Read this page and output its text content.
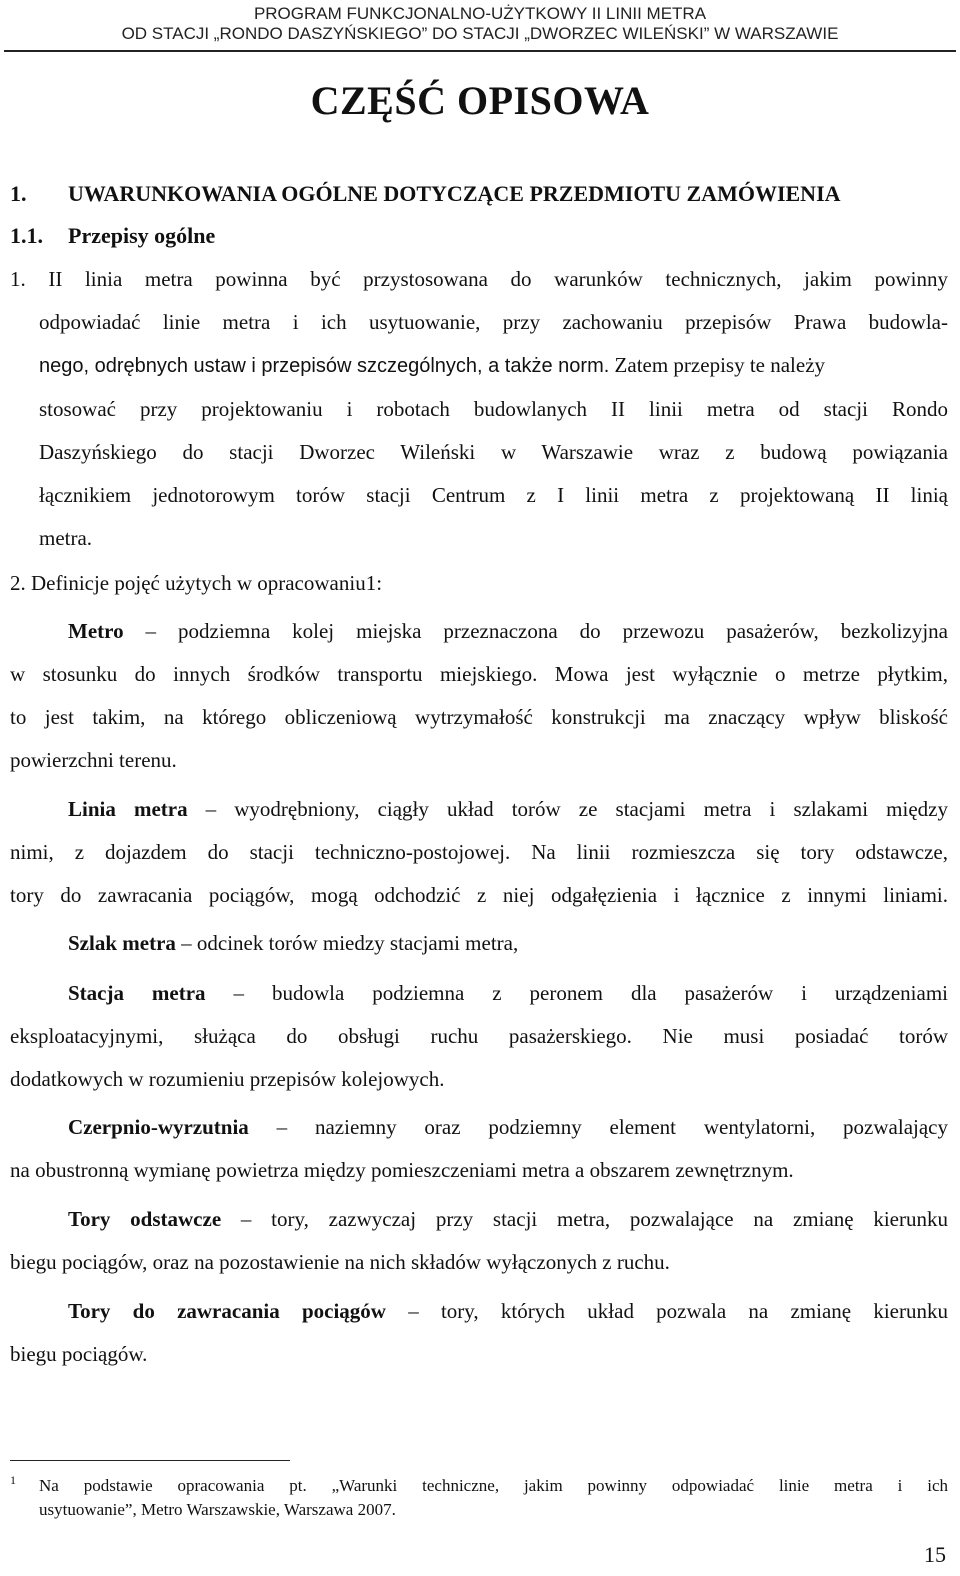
PROGRAM FUNKCJONALNO-UŻYTKOWY II LINII METRA
OD STACJI „RONDO DASZYŃSKIEGO” DO STACJI „DWORZEC WILEŃSKI” W WARSZAWIE
CZĘŚĆ OPISOWA
1. UWARUNKOWANIA OGÓLNE DOTYCZĄCE PRZEDMIOTU ZAMÓWIENIA
1.1. Przepisy ogólne
1. II linia metra powinna być przystosowana do warunków technicznych, jakim powinny
odpowiadać linie metra i ich usytuowanie, przy zachowaniu przepisów Prawa budowla-
nego, odrębnych ustaw i przepisów szczególnych, a także norm. Zatem przepisy te należy
stosować przy projektowaniu i robotach budowlanych II linii metra od stacji Rondo
Daszyńskiego do stacji Dworzec Wileński w Warszawie wraz z budową powiązania
łącznikiem jednotorowym torów stacji Centrum z I linii metra z projektowaną II linią
metra.
2. Definicje pojęć użytych w opracowaniu1:
Metro – podziemna kolej miejska przeznaczona do przewozu pasażerów, bezkolizyjna
w stosunku do innych środków transportu miejskiego. Mowa jest wyłącznie o metrze płytkim,
to jest takim, na którego obliczeniową wytrzymałość konstrukcji ma znaczący wpływ bliskość
powierzchni terenu.
Linia metra – wyodrębniony, ciągły układ torów ze stacjami metra i szlakami między
nimi, z dojazdem do stacji techniczno-postojowej. Na linii rozmieszcza się tory odstawcze,
tory do zawracania pociągów, mogą odchodzić z niej odgałęzienia i łącznice z innymi liniami.
Szlak metra – odcinek torów miedzy stacjami metra,
Stacja metra – budowla podziemna z peronem dla pasażerów i urządzeniami
eksploatacyjnymi, służąca do obsługi ruchu pasażerskiego. Nie musi posiadać torów
dodatkowych w rozumieniu przepisów kolejowych.
Czerpnio-wyrzutnia – naziemny oraz podziemny element wentylatorni, pozwalający
na obustronną wymianę powietrza między pomieszczeniami metra a obszarem zewnętrznym.
Tory odstawcze – tory, zazwyczaj przy stacji metra, pozwalające na zmianę kierunku
biegu pociągów, oraz na pozostawienie na nich składów wyłączonych z ruchu.
Tory do zawracania pociągów – tory, których układ pozwala na zmianę kierunku
biegu pociągów.
1 Na podstawie opracowania pt. „Warunki techniczne, jakim powinny odpowiadać linie metra i ich
usytuowanie”, Metro Warszawskie, Warszawa 2007.
15
